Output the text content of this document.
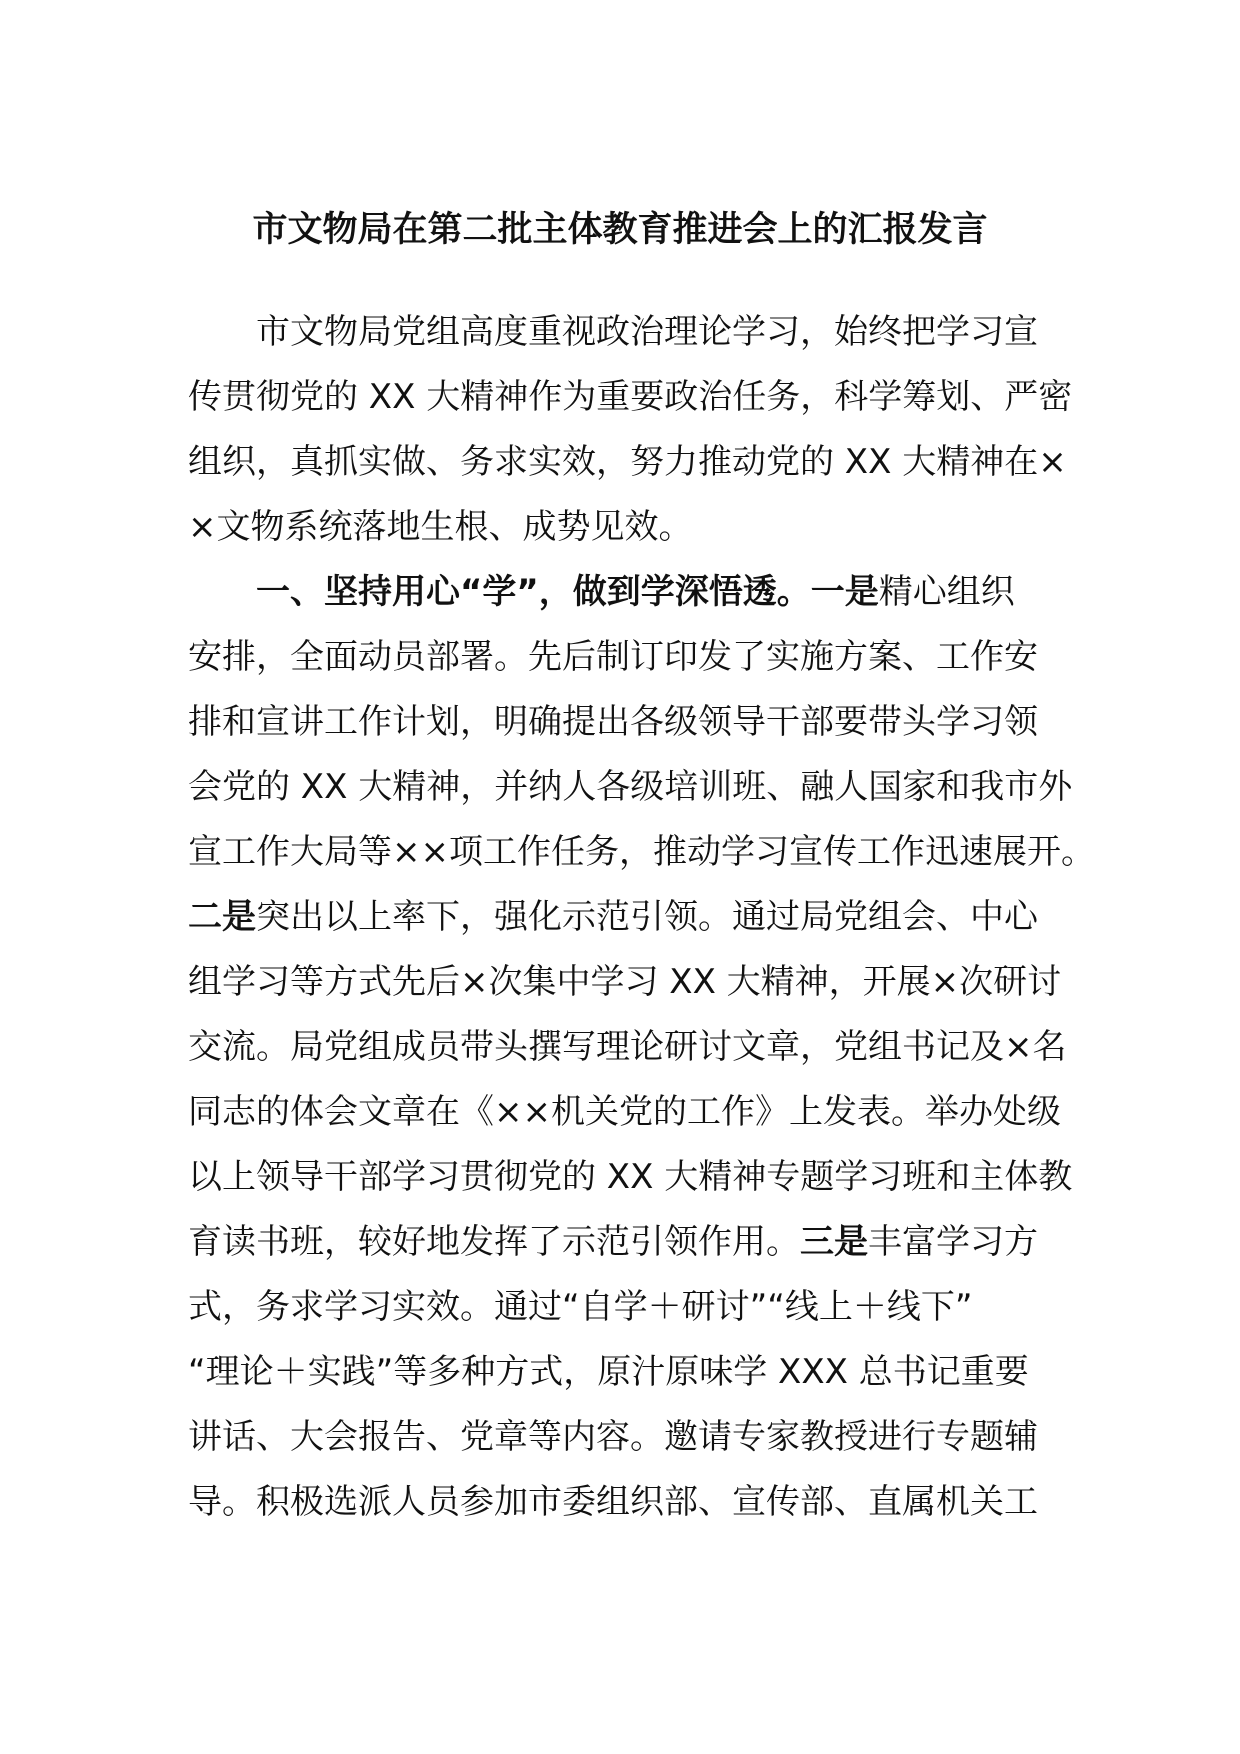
市文物局在第二批主体教育推进会上的汇报发言
市文物局党组高度重视政治理论学习，始终把学习宣
传贯彻党的 XX 大精神作为重要政治任务，科学筹划、严密
组织，真抓实做、务求实效，努力推动党的 XX 大精神在×
×文物系统落地生根、成势见效。
一、坚持用心“学”，做到学深悟透。一是精心组织
安排，全面动员部署。先后制订印发了实施方案、工作安
排和宣讲工作计划，明确提出各级领导干部要带头学习领
会党的 XX 大精神，并纳人各级培训班、融人国家和我市外
宣工作大局等××项工作任务，推动学习宣传工作迅速展开。
二是突出以上率下，强化示范引领。通过局党组会、中心
组学习等方式先后×次集中学习 XX 大精神，开展×次研讨
交流。局党组成员带头撰写理论研讨文章，党组书记及×名
同志的体会文章在《××机关党的工作》上发表。举办处级
以上领导干部学习贯彻党的 XX 大精神专题学习班和主体教
育读书班，较好地发挥了示范引领作用。三是丰富学习方
式，务求学习实效。通过“自学＋研讨”“线上＋线下”
“理论＋实践”等多种方式，原汁原味学 XXX 总书记重要
讲话、大会报告、党章等内容。邀请专家教授进行专题辅
导。积极选派人员参加市委组织部、宣传部、直属机关工
